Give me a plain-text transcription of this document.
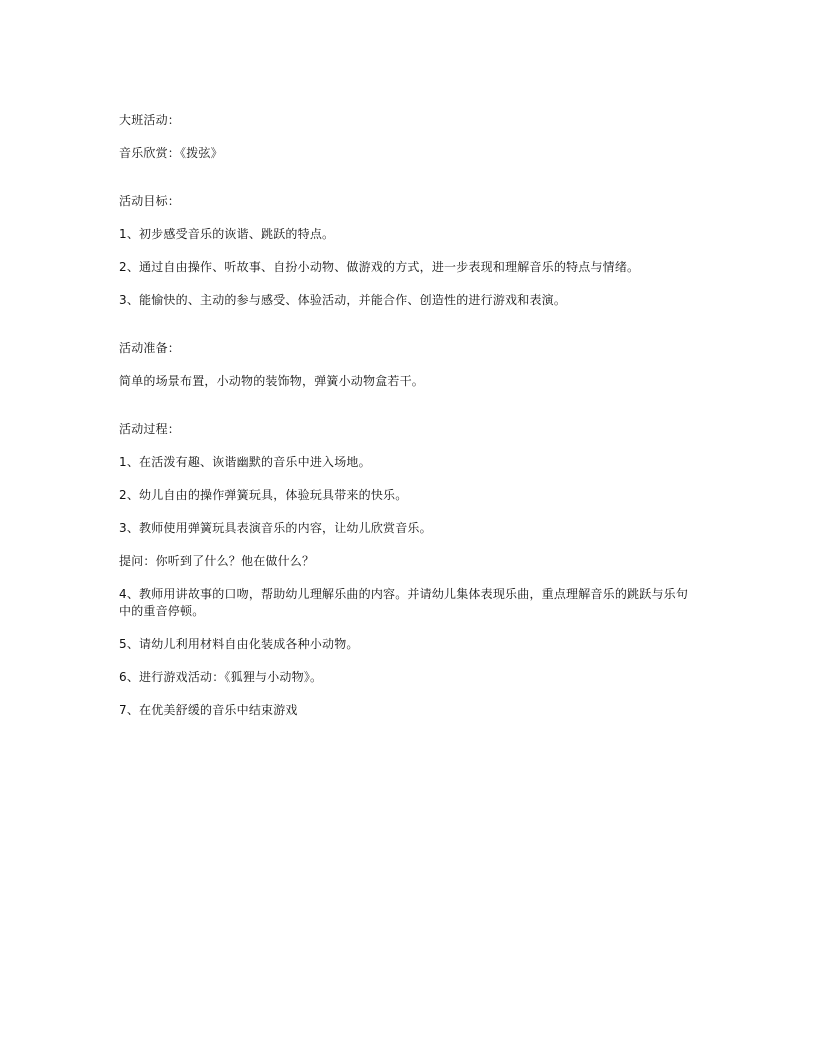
大班活动：

音乐欣赏：《拨弦》

活动目标：

1、初步感受音乐的诙谐、跳跃的特点。

2、通过自由操作、听故事、自扮小动物、做游戏的方式，进一步表现和理解音乐的特点与情绪。

3、能愉快的、主动的参与感受、体验活动，并能合作、创造性的进行游戏和表演。

活动准备：

简单的场景布置，小动物的装饰物，弹簧小动物盒若干。

活动过程：

1、在活泼有趣、诙谐幽默的音乐中进入场地。

2、幼儿自由的操作弹簧玩具，体验玩具带来的快乐。

3、教师使用弹簧玩具表演音乐的内容，让幼儿欣赏音乐。

提问：你听到了什么？他在做什么？

4、教师用讲故事的口吻，帮助幼儿理解乐曲的内容。并请幼儿集体表现乐曲，重点理解音乐的跳跃与乐句中的重音停顿。

5、请幼儿利用材料自由化装成各种小动物。

6、进行游戏活动：《狐狸与小动物》。

7、在优美舒缓的音乐中结束游戏
